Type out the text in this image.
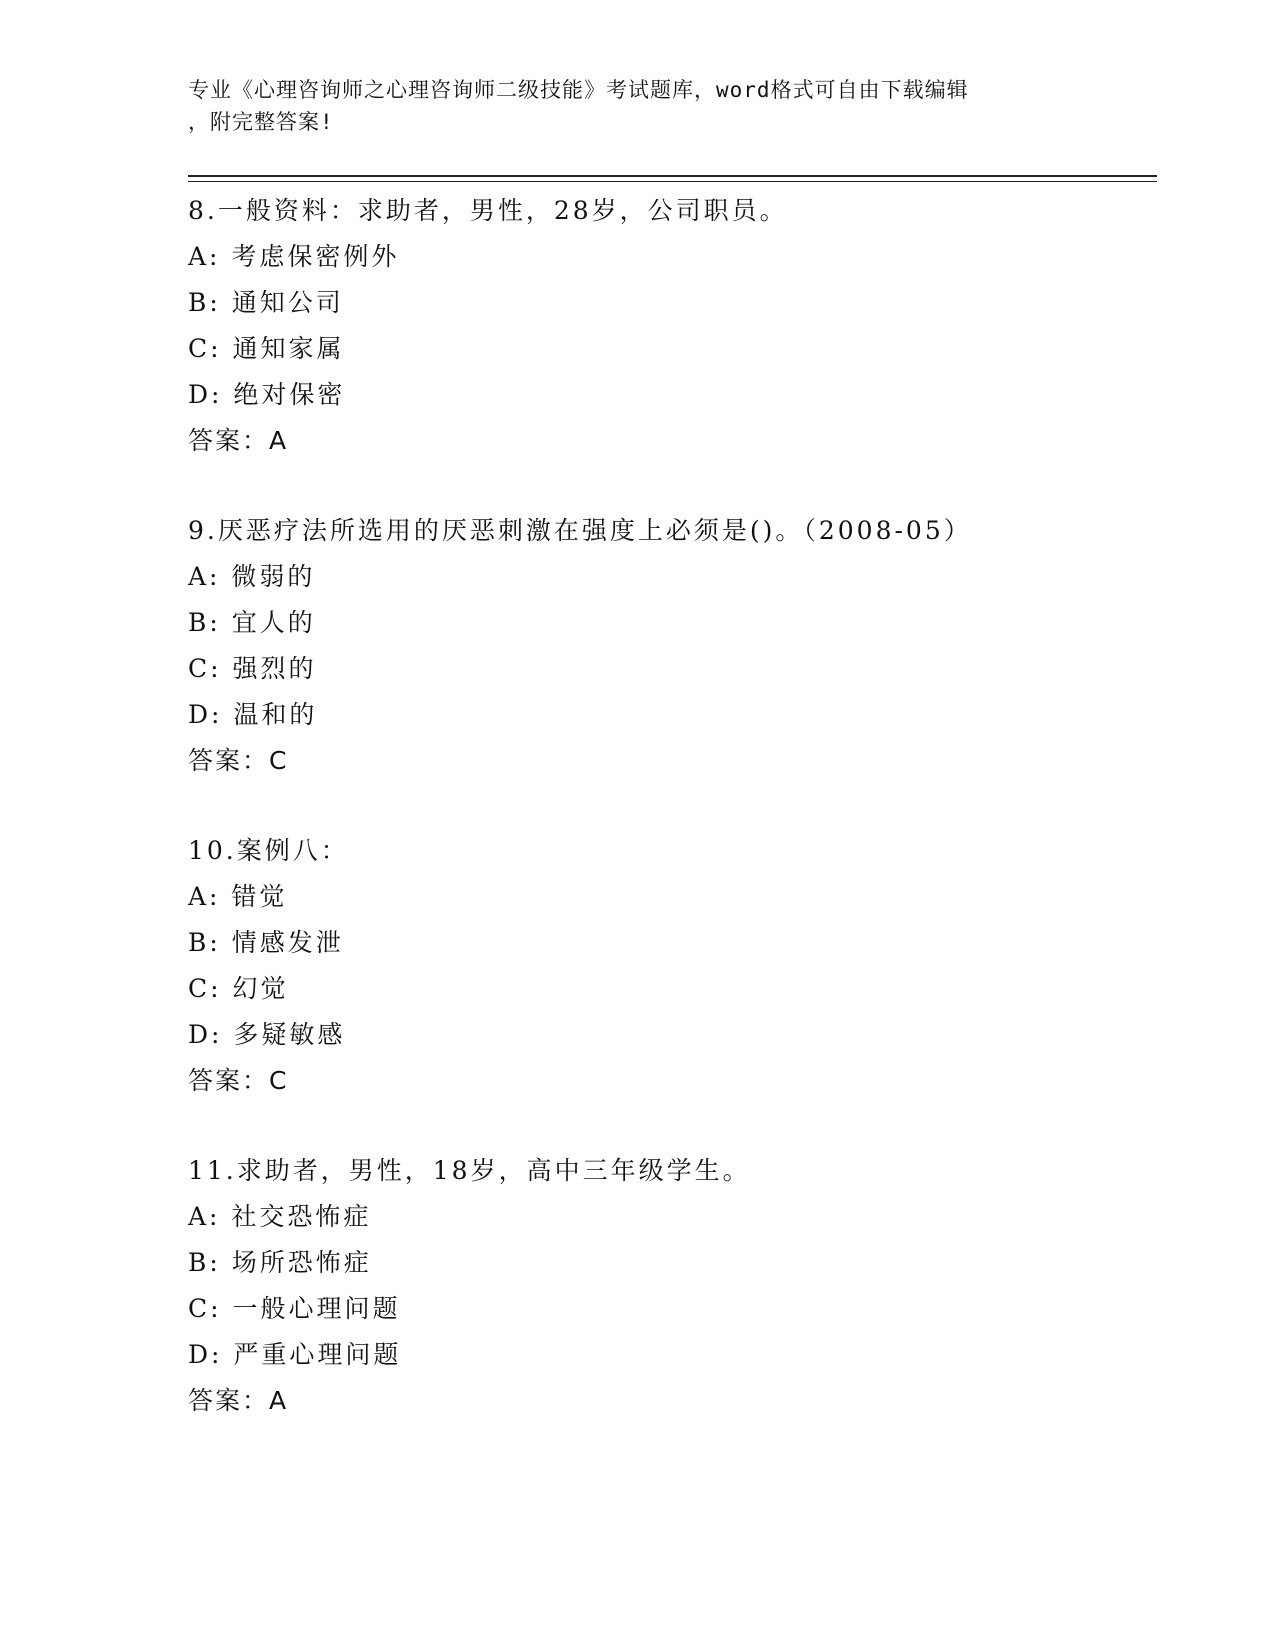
专业《心理咨询师之心理咨询师二级技能》考试题库，word格式可自由下载编辑
，附完整答案!
8.一般资料：求助者，男性，28岁，公司职员。
A: 考虑保密例外
B: 通知公司
C: 通知家属
D: 绝对保密
答案：A
9.厌恶疗法所选用的厌恶刺激在强度上必须是()。（2008-05）
A: 微弱的
B: 宜人的
C: 强烈的
D: 温和的
答案：C
10.案例八：
A: 错觉
B: 情感发泄
C: 幻觉
D: 多疑敏感
答案：C
11.求助者，男性，18岁，高中三年级学生。
A: 社交恐怖症
B: 场所恐怖症
C: 一般心理问题
D: 严重心理问题
答案：A
